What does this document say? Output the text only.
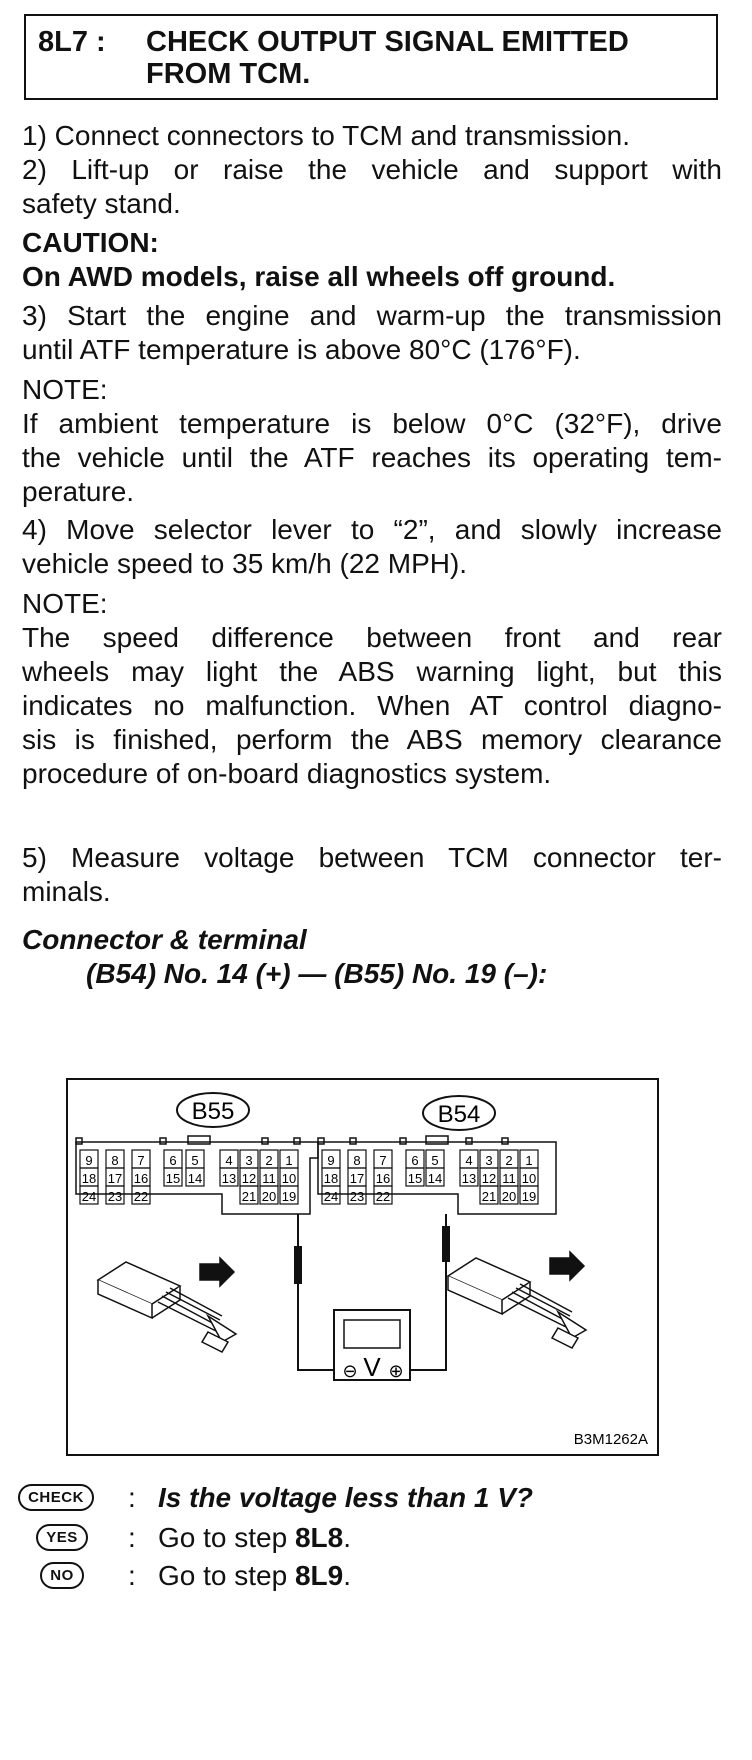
8L7 : CHECK OUTPUT SIGNAL EMITTED
FROM TCM.
1) Connect connectors to TCM and transmission.
2) Lift-up or raise the vehicle and support with
safety stand.
CAUTION:
On AWD models, raise all wheels off ground.
3) Start the engine and warm-up the transmission
until ATF temperature is above 80°C (176°F).
NOTE:
If ambient temperature is below 0°C (32°F), drive
the vehicle until the ATF reaches its operating tem-
perature.
4) Move selector lever to “2”, and slowly increase
vehicle speed to 35 km/h (22 MPH).
NOTE:
The speed difference between front and rear
wheels may light the ABS warning light, but this
indicates no malfunction. When AT control diagno-
sis is finished, perform the ABS memory clearance
procedure of on-board diagnostics system.
5) Measure voltage between TCM connector ter-
minals.
Connector & terminal
(B54) No. 14 (+) — (B55) No. 19 (–):
B55	B54
9 8 7 6 5 4 3 2 1
18 17 16 15 14 13 12 11 10
24 23 22	21 20 19
9 8 7 6 5 4 3 2 1
18 17 16 15 14 13 12 11 10
24 23 22	21 20 19
⊖ V ⊕
B3M1262A
CHECK	: Is the voltage less than 1 V?
YES	: Go to step 8L8.
NO	: Go to step 8L9.
